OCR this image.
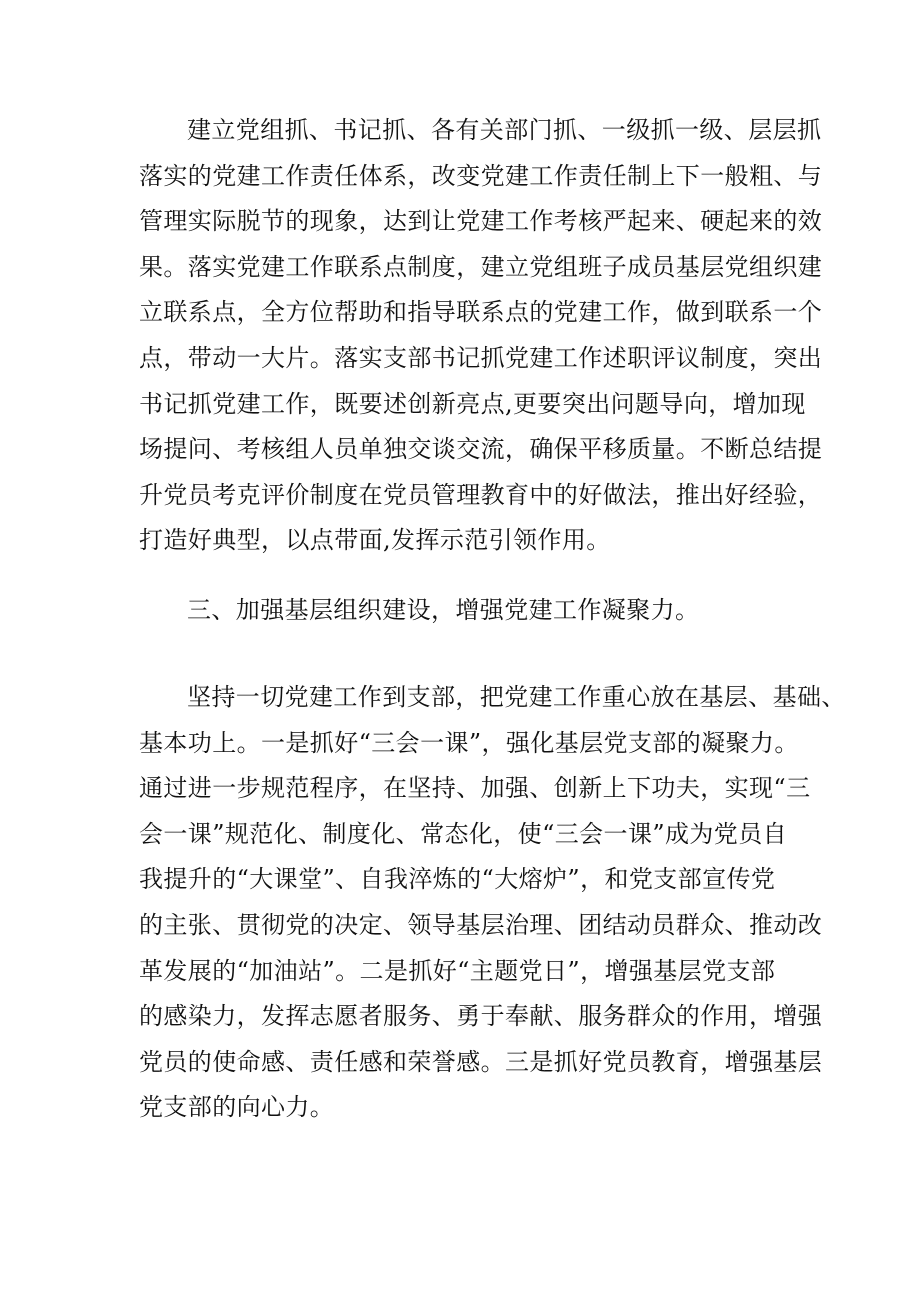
建立党组抓、书记抓、各有关部门抓、一级抓一级、层层抓
落实的党建工作责任体系，改变党建工作责任制上下一般粗、与
管理实际脱节的现象，达到让党建工作考核严起来、硬起来的效
果。落实党建工作联系点制度，建立党组班子成员基层党组织建
立联系点，全方位帮助和指导联系点的党建工作，做到联系一个
点，带动一大片。落实支部书记抓党建工作述职评议制度，突出
书记抓党建工作，既要述创新亮点,更要突出问题导向，增加现
场提问、考核组人员单独交谈交流，确保平移质量。不断总结提
升党员考克评价制度在党员管理教育中的好做法，推出好经验，
打造好典型，以点带面,发挥示范引领作用。
三、加强基层组织建设，增强党建工作凝聚力。
坚持一切党建工作到支部，把党建工作重心放在基层、基础、
基本功上。一是抓好“三会一课”，强化基层党支部的凝聚力。
通过进一步规范程序，在坚持、加强、创新上下功夫，实现“三
会一课”规范化、制度化、常态化，使“三会一课”成为党员自
我提升的“大课堂”、自我淬炼的“大熔炉”，和党支部宣传党
的主张、贯彻党的决定、领导基层治理、团结动员群众、推动改
革发展的“加油站”。二是抓好“主题党日”，增强基层党支部
的感染力，发挥志愿者服务、勇于奉献、服务群众的作用，增强
党员的使命感、责任感和荣誉感。三是抓好党员教育，增强基层
党支部的向心力。
